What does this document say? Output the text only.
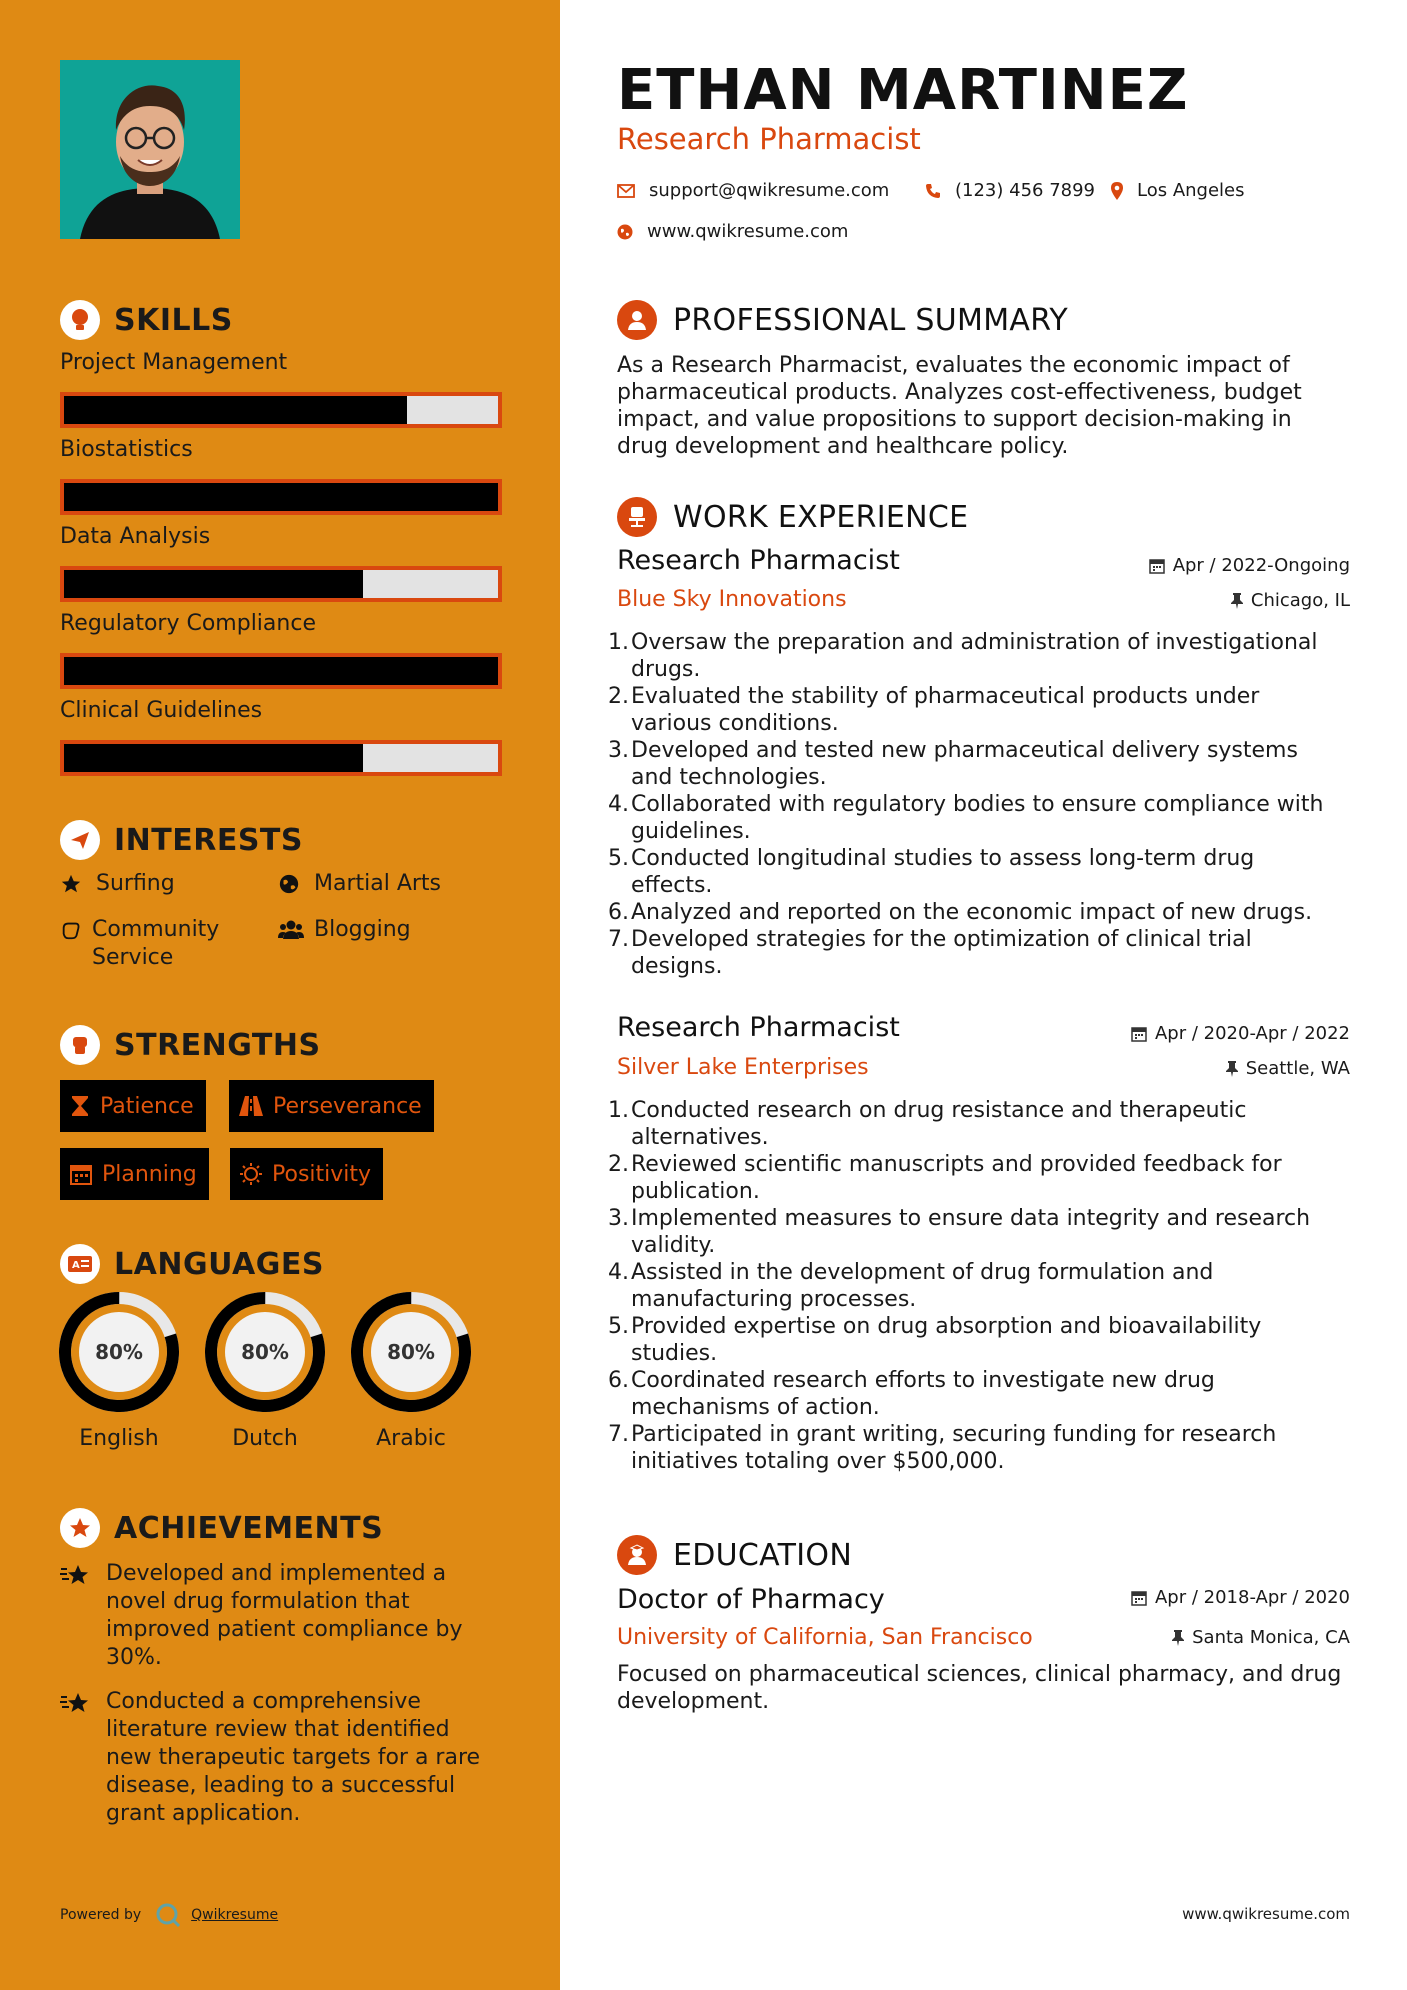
SKILLS
Project Management
Biostatistics
Data Analysis
Regulatory Compliance
Clinical Guidelines
INTERESTS
Surfing	Martial Arts
Community Service
Blogging
STRENGTHS
Patience	Perseverance
Planning	Positivity
A LANGUAGES
80%
English
80%
Dutch
80%
Arabic
ACHIEVEMENTS
Developed and implemented a novel drug formulation that improved patient compliance by 30%.
Conducted a comprehensive literature review that identified new therapeutic targets for a rare disease, leading to a successful grant application.
Powered by	Qwikresume
ETHAN MARTINEZ
Research Pharmacist
support@qwikresume.com	(123) 456 7899 Los Angeles
www.qwikresume.com
PROFESSIONAL SUMMARY
As a Research Pharmacist, evaluates the economic impact of pharmaceutical products. Analyzes cost-effectiveness, budget impact, and value propositions to support decision-making in drug development and healthcare policy.
WORK EXPERIENCE
Research Pharmacist	Apr / 2022-Ongoing
Blue Sky Innovations	Chicago, IL
1. Oversaw the preparation and administration of investigational drugs.
2. Evaluated the stability of pharmaceutical products under various conditions.
3. Developed and tested new pharmaceutical delivery systems and technologies.
4. Collaborated with regulatory bodies to ensure compliance with guidelines.
5. Conducted longitudinal studies to assess long-term drug effects.
6. Analyzed and reported on the economic impact of new drugs.
7. Developed strategies for the optimization of clinical trial designs.
Research Pharmacist	Apr / 2020-Apr / 2022
Silver Lake Enterprises	Seattle, WA
1. Conducted research on drug resistance and therapeutic alternatives.
2. Reviewed scientific manuscripts and provided feedback for publication.
3. Implemented measures to ensure data integrity and research validity.
4. Assisted in the development of drug formulation and manufacturing processes.
5. Provided expertise on drug absorption and bioavailability studies.
6. Coordinated research efforts to investigate new drug mechanisms of action.
7. Participated in grant writing, securing funding for research initiatives totaling over $500,000.
EDUCATION
Doctor of Pharmacy	Apr / 2018-Apr / 2020
University of California, San Francisco	Santa Monica, CA
Focused on pharmaceutical sciences, clinical pharmacy, and drug development.
www.qwikresume.com
